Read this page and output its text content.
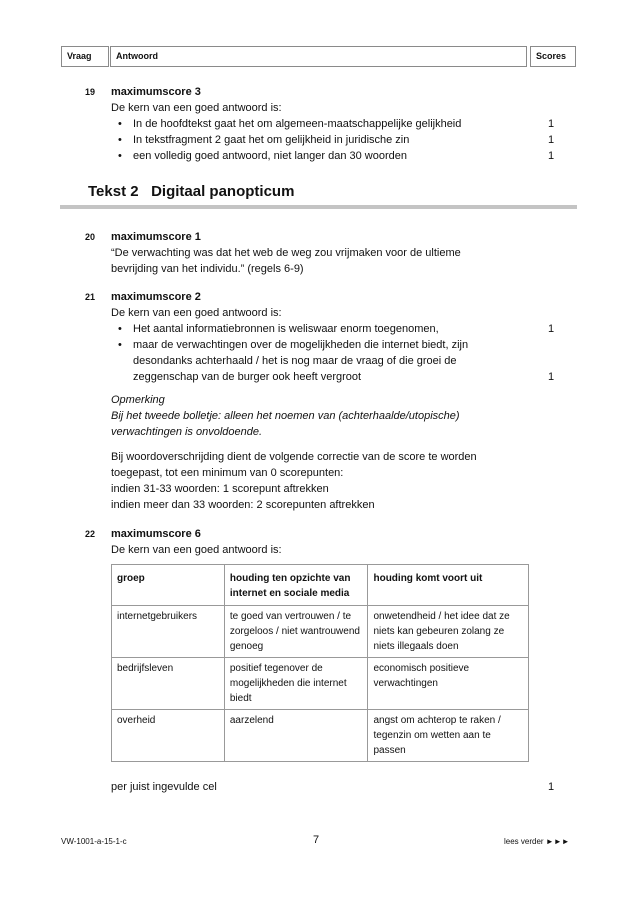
Vraag	Antwoord	Scores
19 maximumscore 3
De kern van een goed antwoord is:
• In de hoofdtekst gaat het om algemeen-maatschappelijke gelijkheid	1
• In tekstfragment 2 gaat het om gelijkheid in juridische zin	1
• een volledig goed antwoord, niet langer dan 30 woorden	1
Tekst 2   Digitaal panopticum
20 maximumscore 1
“De verwachting was dat het web de weg zou vrijmaken voor de ultieme
bevrijding van het individu.” (regels 6-9)
21 maximumscore 2
De kern van een goed antwoord is:
• Het aantal informatiebronnen is weliswaar enorm toegenomen,	1
• maar de verwachtingen over de mogelijkheden die internet biedt, zijn
desondanks achterhaald / het is nog maar de vraag of die groei de
zeggenschap van de burger ook heeft vergroot	1
Opmerking
Bij het tweede bolletje: alleen het noemen van (achterhaalde/utopische)
verwachtingen is onvoldoende.
Bij woordoverschrijding dient de volgende correctie van de score te worden
toegepast, tot een minimum van 0 scorepunten:
indien 31-33 woorden: 1 scorepunt aftrekken
indien meer dan 33 woorden: 2 scorepunten aftrekken
22 maximumscore 6
De kern van een goed antwoord is:
groep	houding ten opzichte van internet en sociale media	houding komt voort uit
internetgebruikers	te goed van vertrouwen / te zorgeloos / niet wantrouwend genoeg	onwetendheid / het idee dat ze niets kan gebeuren zolang ze niets illegaals doen
bedrijfsleven	positief tegenover de mogelijkheden die internet biedt	economisch positieve verwachtingen
overheid	aarzelend	angst om achterop te raken / tegenzin om wetten aan te passen
per juist ingevulde cel	1
VW-1001-a-15-1-c	7	lees verder ►►►
